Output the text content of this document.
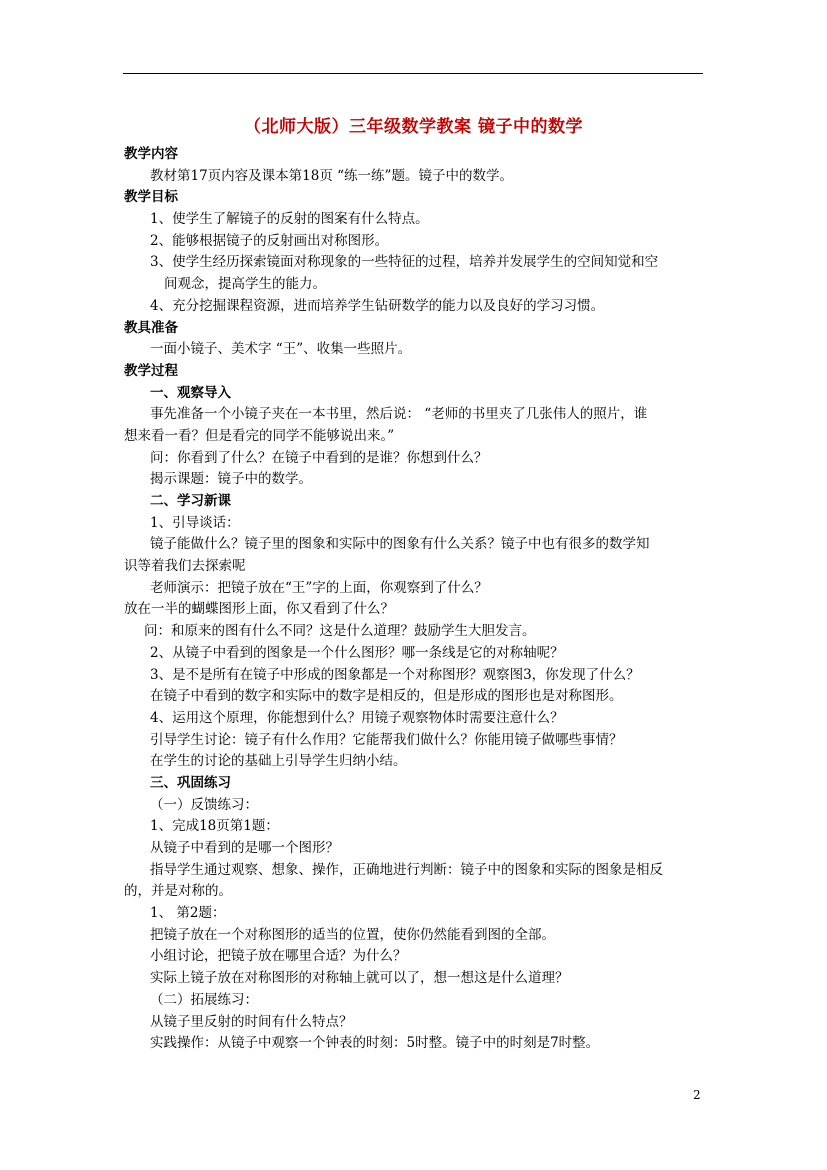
（北师大版）三年级数学教案 镜子中的数学
教学内容
教材第17页内容及课本第18页 “练一练”题。镜子中的数学。
教学目标
1、使学生了解镜子的反射的图案有什么特点。
2、能够根据镜子的反射画出对称图形。
3、使学生经历探索镜面对称现象的一些特征的过程，培养并发展学生的空间知觉和空
间观念，提高学生的能力。
4、充分挖掘课程资源，进而培养学生钻研数学的能力以及良好的学习习惯。
教具准备
一面小镜子、美术字 “王”、收集一些照片。
教学过程
一、观察导入
事先准备一个小镜子夹在一本书里，然后说： “老师的书里夹了几张伟人的照片，谁
想来看一看？但是看完的同学不能够说出来。”
问：你看到了什么？在镜子中看到的是谁？你想到什么？
揭示课题：镜子中的数学。
二、学习新课
1、引导谈话：
镜子能做什么？镜子里的图象和实际中的图象有什么关系？镜子中也有很多的数学知
识等着我们去探索呢
老师演示：把镜子放在“王”字的上面，你观察到了什么？
放在一半的蝴蝶图形上面，你又看到了什么？
问：和原来的图有什么不同？这是什么道理？鼓励学生大胆发言。
2、从镜子中看到的图象是一个什么图形？哪一条线是它的对称轴呢？
3、是不是所有在镜子中形成的图象都是一个对称图形？观察图3，你发现了什么？
在镜子中看到的数字和实际中的数字是相反的，但是形成的图形也是对称图形。
4、运用这个原理，你能想到什么？用镜子观察物体时需要注意什么？
引导学生讨论：镜子有什么作用？它能帮我们做什么？你能用镜子做哪些事情？
在学生的讨论的基础上引导学生归纳小结。
三、巩固练习
（一）反馈练习：
1、完成18页第1题：
从镜子中看到的是哪一个图形？
指导学生通过观察、想象、操作，正确地进行判断：镜子中的图象和实际的图象是相反
的，并是对称的。
1、 第2题：
把镜子放在一个对称图形的适当的位置，使你仍然能看到图的全部。
小组讨论，把镜子放在哪里合适？为什么？
实际上镜子放在对称图形的对称轴上就可以了，想一想这是什么道理？
（二）拓展练习：
从镜子里反射的时间有什么特点？
实践操作：从镜子中观察一个钟表的时刻：5时整。镜子中的时刻是7时整。
2
